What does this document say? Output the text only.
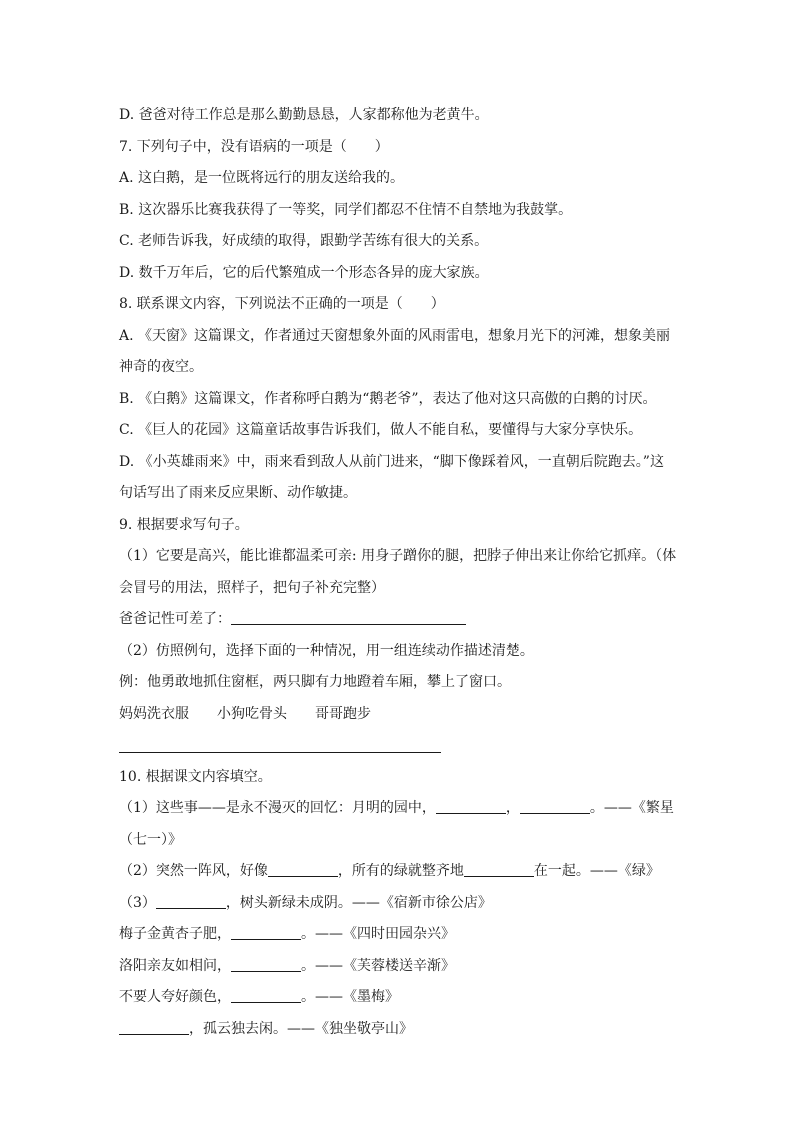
D. 爸爸对待工作总是那么勤勤恳恳，人家都称他为老黄牛。
7. 下列句子中，没有语病的一项是（　　）
A. 这白鹅，是一位既将远行的朋友送给我的。
B. 这次器乐比赛我获得了一等奖，同学们都忍不住情不自禁地为我鼓掌。
C. 老师告诉我，好成绩的取得，跟勤学苦练有很大的关系。
D. 数千万年后，它的后代繁殖成一个形态各异的庞大家族。
8. 联系课文内容，下列说法不正确的一项是（　　）
A. 《天窗》这篇课文，作者通过天窗想象外面的风雨雷电，想象月光下的河滩，想象美丽
神奇的夜空。
B. 《白鹅》这篇课文，作者称呼白鹅为“鹅老爷”，表达了他对这只高傲的白鹅的讨厌。
C. 《巨人的花园》这篇童话故事告诉我们，做人不能自私，要懂得与大家分享快乐。
D. 《小英雄雨来》中，雨来看到敌人从前门进来，“脚下像踩着风，一直朝后院跑去。”这
句话写出了雨来反应果断、动作敏捷。
9. 根据要求写句子。
（1）它要是高兴，能比谁都温柔可亲: 用身子蹭你的腿，把脖子伸出来让你给它抓痒。（体
会冒号的用法，照样子，把句子补充完整）
爸爸记性可差了：
（2）仿照例句，选择下面的一种情况，用一组连续动作描述清楚。
例：他勇敢地抓住窗框，两只脚有力地蹬着车厢，攀上了窗口。
妈妈洗衣服 小狗吃骨头 哥哥跑步
10. 根据课文内容填空。
（1）这些事——是永不漫灭的回忆：月明的园中，	，	。——《繁星
（七一）》
（2）突然一阵风，好像	，所有的绿就整齐地	在一起。——《绿》
（3）	，树头新绿未成阴。——《宿新市徐公店》
梅子金黄杏子肥，	。——《四时田园杂兴》
洛阳亲友如相问，	。——《芙蓉楼送辛渐》
不要人夸好颜色，	。——《墨梅》
，孤云独去闲。——《独坐敬亭山》
